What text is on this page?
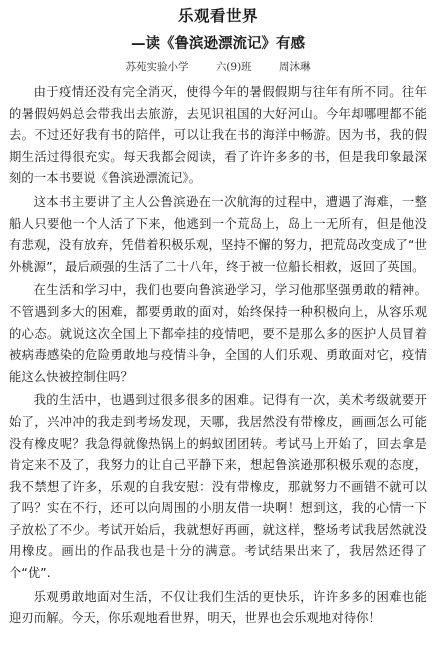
乐观看世界
—读《鲁滨逊漂流记》有感
苏苑实验小学	六(9)班	周沐琳

由于疫情还没有完全消灭，使得今年的暑假假期与往年有所不同。往年的暑假妈妈总会带我出去旅游，去见识祖国的大好河山。今年却哪哩都不能去。不过还好我有书的陪伴，可以让我在书的海洋中畅游。因为书，我的假期生活过得很充实。每天我都会阅读，看了许许多多的书，但是我印象最深刻的一本书要说《鲁滨逊漂流记》。

这本书主要讲了主人公鲁滨逊在一次航海的过程中，遭遇了海难，一整船人只要他一个人活了下来，他逃到一个荒岛上，岛上一无所有，但是他没有悲观，没有放弃，凭借着积极乐观，坚持不懈的努力，把荒岛改变成了“世外桃源”，最后顽强的生活了二十八年，终于被一位船长相救，返回了英国。

在生活和学习中，我们也要向鲁滨逊学习，学习他那坚强勇敢的精神。不管遇到多大的困难，都要勇敢的面对，始终保持一种积极向上，从容乐观的心态。就说这次全国上下都牵挂的疫情吧，要不是那么多的医护人员冒着被病毒感染的危险勇敢地与疫情斗争，全国的人们乐观、勇敢面对它，疫情能这么快被控制住吗？

我的生活中，也遇到过很多很多的困难。记得有一次，美术考级就要开始了，兴冲冲的我走到考场发现，天哪，我居然没有带橡皮，画画怎么可能没有橡皮呢？我急得就像热锅上的蚂蚁团团转。考试马上开始了，回去拿是肯定来不及了，我努力的让自己平静下来，想起鲁滨逊那积极乐观的态度，我不禁想了许多，乐观的自我安慰：没有带橡皮，那就努力不画错不就可以了吗？实在不行，还可以向周围的小朋友借一块啊！想到这，我的心情一下子放松了不少。考试开始后，我就想好再画，就这样，整场考试我居然就没用橡皮。画出的作品我也是十分的满意。考试结果出来了，我居然还得了个“优”.

乐观勇敢地面对生活，不仅让我们生活的更快乐，许许多多的困难也能迎刃而解。今天，你乐观地看世界，明天，世界也会乐观地对待你！
